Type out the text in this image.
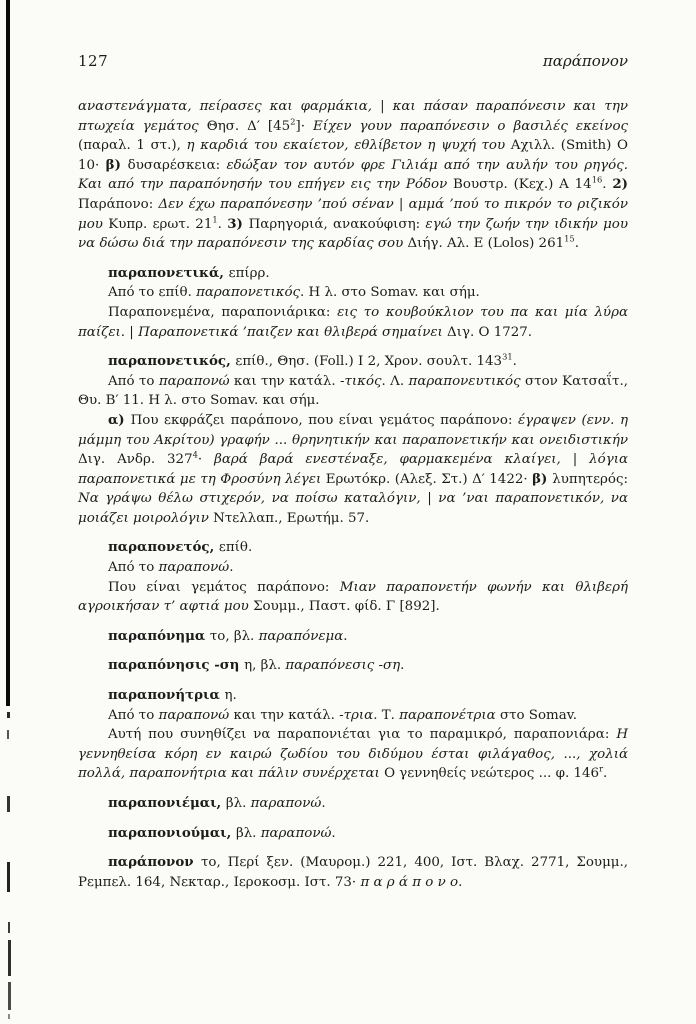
127	παράπονον

αναστενάγματα, πείρασες και φαρμάκια, | και πάσαν παραπόνεσιν και την πτωχεία γεμάτος Θησ. Δ′ $[45^2]\cdot Eί\chi\varepsilon\nu$ γουν παραπόνεσιν ο βασιλές εκείνος (παραλ. 1 στ.), η καρδιά του εκαίετον, εθλίβετον η ψυχή του Αχιλλ. (Smith) Ο 10· β) δυσαρέσκεια: εδώξαν τον αυτόν φρε Γιλιάμ από την αυλήν του ρηγός. Και από την παραπόνησήν του επήγεν εις την Ρόδον Βουστρ. (Κεχ.) Α $14^{16}$. 2) Παράπονο: Δεν έχω παραπόνεσην ’πού σέναν | αμμά ’πού το πικρόν το ριζικόν μου Κυπρ. ερωτ. $21^1$. 3) Παρηγοριά, ανακούφιση: εγώ την ζωήν την ιδικήν μου να δώσω διά την παραπόνεσιν της καρδίας σου Διήγ. Αλ. Ε (Lolos) $261^{15}$.

παραπονετικά, επίρρ.

Από το επίθ. παραπονετικός. Η λ. στο Somav. και σήμ.

Παραπονεμένα, παραπονιάρικα: εις το κουβούκλιον του πα και μία λύρα παίζει. | Παραπονετικά ’παιζεν και θλιβερά σημαίνει Διγ. Ο 1727.

παραπονετικός, επίθ., Θησ. (Foll.) Ι 2, Χρον. σουλτ. $143^{31}$.

Από το παραπονώ και την κατάλ. -τικός. Λ. παραπονευτικός στον Κατσαΐτ., Θυ. Β′ 11. Η λ. στο Somav. και σήμ.

α) Που εκφράζει παράπονο, που είναι γεμάτος παράπονο: έγραψεν (ενν. η μάμμη του Ακρίτου) γραφήν ... θρηνητικήν και παραπονετικήν και ονειδιστικήν Διγ. Ανδρ. $327^4\cdot \beta\alpha\rho ά$ βαρά ενεστέναξε, φαρμακεμένα κλαίγει, | λόγια παραπονετικά με τη Φροσύνη λέγει Ερωτόκρ. (Αλεξ. Στ.) Δ′ 1422· β) λυπητερός: Να γράψω θέλω στιχερόν, να ποίσω καταλόγιν, | να ’ναι παραπονετικόν, να μοιάζει μοιρολόγιν Ντελλαπ., Ερωτήμ. 57.

παραπονετός, επίθ.

Από το παραπονώ.

Που είναι γεμάτος παράπονο: Μιαν παραπονετήν φωνήν και θλιβερή αγροικήσαν τ’ αφτιά μου Σουμμ., Παστ. φίδ. Γ [892].

παραπόνημα το, βλ. παραπόνεμα.

παραπόνησις -ση η, βλ. παραπόνεσις -ση.

παραπονήτρια η.

Από το παραπονώ και την κατάλ. -τρια. Τ. παραπονέτρια στο Somav.

Αυτή που συνηθίζει να παραπονιέται για το παραμικρό, παραπονιάρα: Η γεννηθείσα κόρη εν καιρώ ζωδίου του διδύμου έσται φιλάγαθος, ..., χολιά πολλά, παραπονήτρια και πάλιν συνέρχεται Ο γεννηθείς νεώτερος ... φ. 146$^r$.

παραπονιέμαι, βλ. παραπονώ.

παραπονιούμαι, βλ. παραπονώ.

παράπονον το, Περί ξεν. (Μαυρομ.) 221, 400, Ιστ. Βλαχ. 2771, Σουμμ., Ρεμπελ. 164, Νεκταρ., Ιεροκοσμ. Ιστ. 73· π α ρ ά π ο ν ο.
